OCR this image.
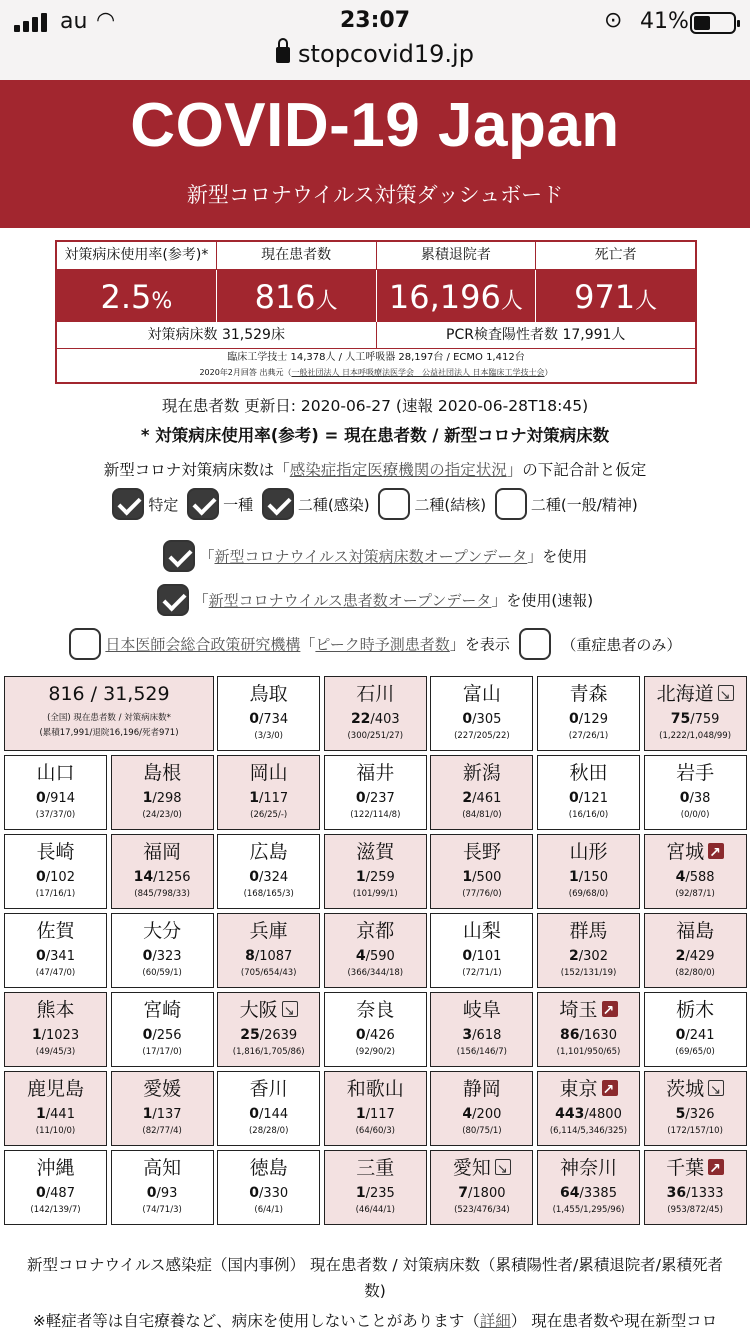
au ◠	23:07	⊙ 41%
stopcovid19.jp
COVID-19 Japan
新型コロナウイルス対策ダッシュボード
対策病床使用率(参考)*	現在患者数	累積退院者	死亡者
2.5%	816人	16,196人	971人
対策病床数 31,529床	PCR検査陽性者数 17,991人
臨床工学技士 14,378人 / 人工呼吸器 28,197台 / ECMO 1,412台
2020年2月回答 出典元（一般社団法人 日本呼吸療法医学会　公益社団法人 日本臨床工学技士会）
現在患者数 更新日: 2020-06-27 (速報 2020-06-28T18:45)
* 対策病床使用率(参考) = 現在患者数 / 新型コロナ対策病床数
新型コロナ対策病床数は「感染症指定医療機関の指定状況」の下記合計と仮定
特定	一種	二種(感染)	二種(結核)	二種(一般/精神)
「新型コロナウイルス対策病床数オープンデータ」を使用
「新型コロナウイルス患者数オープンデータ」を使用(速報)
日本医師会総合政策研究機構「ピーク時予測患者数」を表示	（重症患者のみ）
816 / 31,529
(全国) 現在患者数 / 対策病床数*
(累積17,991/退院16,196/死者971)
鳥取
0/734
(3/3/0)
石川
22/403
(300/251/27)
富山
0/305
(227/205/22)
青森
0/129
(27/26/1)
北海道↘
75/759
(1,222/1,048/99)
山口
0/914
(37/37/0)
島根
1/298
(24/23/0)
岡山
1/117
(26/25/-)
福井
0/237
(122/114/8)
新潟
2/461
(84/81/0)
秋田
0/121
(16/16/0)
岩手
0/38
(0/0/0)
長崎
0/102
(17/16/1)
福岡
14/1256
(845/798/33)
広島
0/324
(168/165/3)
滋賀
1/259
(101/99/1)
長野
1/500
(77/76/0)
山形
1/150
(69/68/0)
宮城↗
4/588
(92/87/1)
佐賀
0/341
(47/47/0)
大分
0/323
(60/59/1)
兵庫
8/1087
(705/654/43)
京都
4/590
(366/344/18)
山梨
0/101
(72/71/1)
群馬
2/302
(152/131/19)
福島
2/429
(82/80/0)
熊本
1/1023
(49/45/3)
宮崎
0/256
(17/17/0)
大阪↘
25/2639
(1,816/1,705/86)
奈良
0/426
(92/90/2)
岐阜
3/618
(156/146/7)
埼玉↗
86/1630
(1,101/950/65)
栃木
0/241
(69/65/0)
鹿児島
1/441
(11/10/0)
愛媛
1/137
(82/77/4)
香川
0/144
(28/28/0)
和歌山
1/117
(64/60/3)
静岡
4/200
(80/75/1)
東京↗
443/4800
(6,114/5,346/325)
茨城↘
5/326
(172/157/10)
沖縄
0/487
(142/139/7)
高知
0/93
(74/71/3)
徳島
0/330
(6/4/1)
三重
1/235
(46/44/1)
愛知↘
7/1800
(523/476/34)
神奈川
64/3385
(1,455/1,295/96)
千葉↗
36/1333
(953/872/45)
新型コロナウイルス感染症（国内事例） 現在患者数 / 対策病床数（累積陽性者/累積退院者/累積死者
数)
※軽症者等は自宅療養など、病床を使用しないことがあります（詳細） 現在患者数や現在新型コロ
